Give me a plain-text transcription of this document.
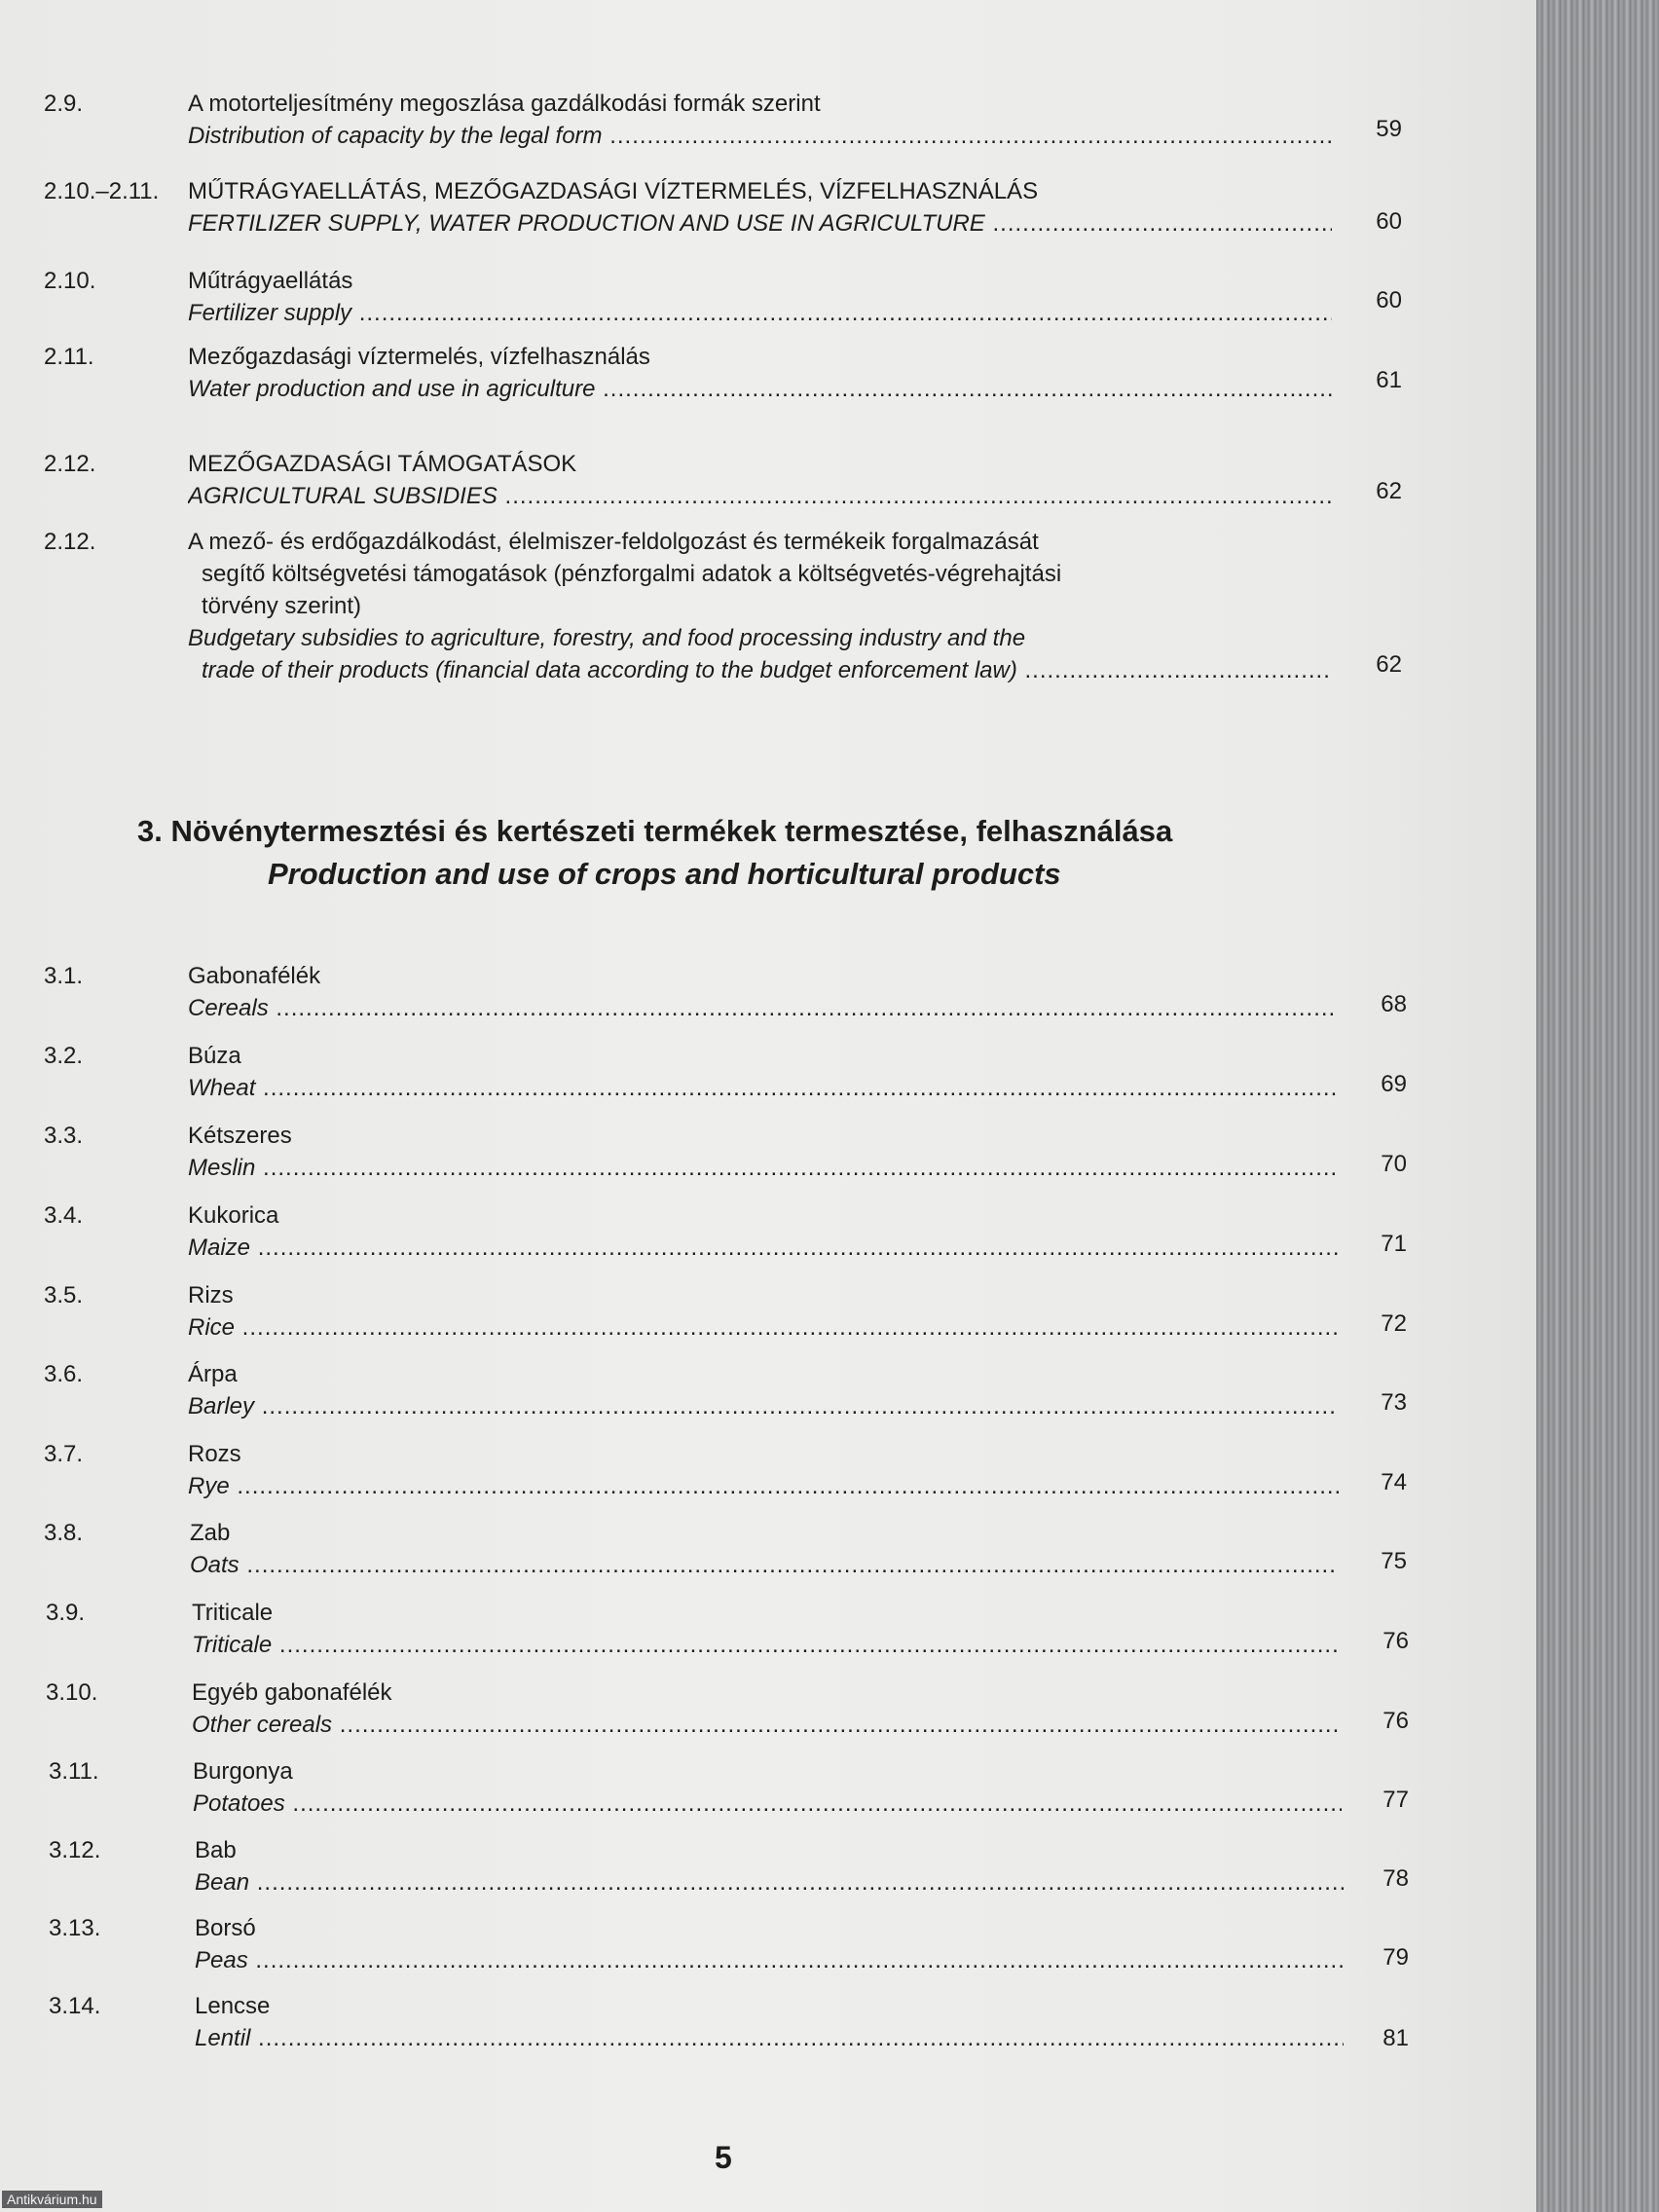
2.9.	A motorteljesítmény megoszlása gazdálkodási formák szerint
Distribution of capacity by the legal form .....	59
2.10.–2.11. MŰTRÁGYAELLÁTÁS, MEZŐGAZDASÁGI VÍZTERMELÉS, VÍZFELHASZNÁLÁS
FERTILIZER SUPPLY, WATER PRODUCTION AND USE IN AGRICULTURE .....	60
2.10.	Műtrágyaellátás
Fertilizer supply .....	60
2.11.	Mezőgazdasági víztermelés, vízfelhasználás
Water production and use in agriculture .....	61
2.12.	MEZŐGAZDASÁGI TÁMOGATÁSOK
AGRICULTURAL SUBSIDIES .....	62
2.12.	A mező- és erdőgazdálkodást, élelmiszer-feldolgozást és termékeik forgalmazását
segítő költségvetési támogatások (pénzforgalmi adatok a költségvetés-végrehajtási
törvény szerint)
Budgetary subsidies to agriculture, forestry, and food processing industry and the
trade of their products (financial data according to the budget enforcement law) .....	62
3. Növénytermesztési és kertészeti termékek termesztése, felhasználása
Production and use of crops and horticultural products
3.1.	Gabonafélék
Cereals .....	68
3.2.	Búza
Wheat .....	69
3.3.	Kétszeres
Meslin .....	70
3.4.	Kukorica
Maize .....	71
3.5.	Rizs
Rice .....	72
3.6.	Árpa
Barley .....	73
3.7.	Rozs
Rye .....	74
3.8.	Zab
Oats .....	75
3.9.	Triticale
Triticale .....	76
3.10.	Egyéb gabonafélék
Other cereals .....	76
3.11.	Burgonya
Potatoes .....	77
3.12.	Bab
Bean .....	78
3.13.	Borsó
Peas .....	79
3.14.	Lencse
Lentil .....	81
5
Antikvárium.hu
